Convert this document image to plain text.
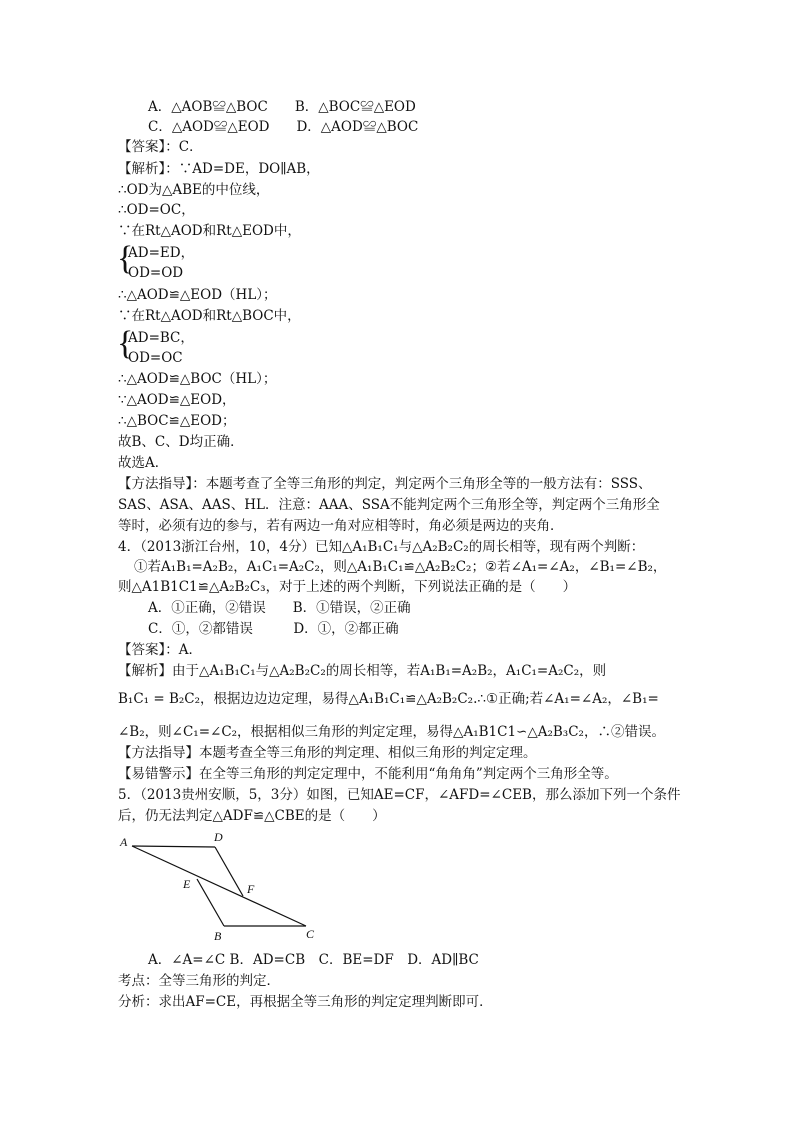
A．△AOB≌△BOC　　B．△BOC≌△EOD
C．△AOD≌△EOD　　D．△AOD≌△BOC
【答案】：C．
【解析】：∵AD=DE，DO∥AB，
∴OD为△ABE的中位线，
∴OD=OC，
∵在Rt△AOD和Rt△EOD中，
{
AD=ED，
OD=OD
∴△AOD≌△EOD（HL）；
∵在Rt△AOD和Rt△BOC中，
{
AD=BC，
OD=OC
∴△AOD≌△BOC（HL）；
∵△AOD≌△EOD，
∴△BOC≌△EOD；
故B、C、D均正确．
故选A．
【方法指导】：本题考查了全等三角形的判定，判定两个三角形全等的一般方法有：SSS、
SAS、ASA、AAS、HL．注意：AAA、SSA不能判定两个三角形全等，判定两个三角形全
等时，必须有边的参与，若有两边一角对应相等时，角必须是两边的夹角．
4．（2013浙江台州，10，4分）已知△A₁B₁C₁与△A₂B₂C₂的周长相等，现有两个判断：
①若A₁B₁=A₂B₂，A₁C₁=A₂C₂，则△A₁B₁C₁≌△A₂B₂C₂；②若∠A₁=∠A₂，∠B₁=∠B₂，
则△A1B1C1≌△A₂B₂C₃，对于上述的两个判断，下列说法正确的是（　　）
A．①正确，②错误　　B．①错误，②正确
C．①，②都错误　　　D．①，②都正确
【答案】：A．
【解析】由于△A₁B₁C₁与△A₂B₂C₂的周长相等，若A₁B₁=A₂B₂，A₁C₁=A₂C₂，则
B₁C₁ = B₂C₂，根据边边边定理，易得△A₁B₁C₁≌△A₂B₂C₂.∴①正确;若∠A₁=∠A₂，∠B₁=
∠B₂，则∠C₁=∠C₂，根据相似三角形的判定定理，易得△A₁B1C1∽△A₂B₃C₂，∴②错误。
【方法指导】本题考查全等三角形的判定理、相似三角形的判定定理。
【易错警示】在全等三角形的判定定理中，不能利用“角角角”判定两个三角形全等。
5．（2013贵州安顺，5，3分）如图，已知AE=CF，∠AFD=∠CEB，那么添加下列一个条件
后，仍无法判定△ADF≌△CBE的是（　　）
A	D
E	F
B	C
A．∠A=∠C B．AD=CB　C．BE=DF　D．AD∥BC
考点：全等三角形的判定．
分析：求出AF=CE，再根据全等三角形的判定定理判断即可．
